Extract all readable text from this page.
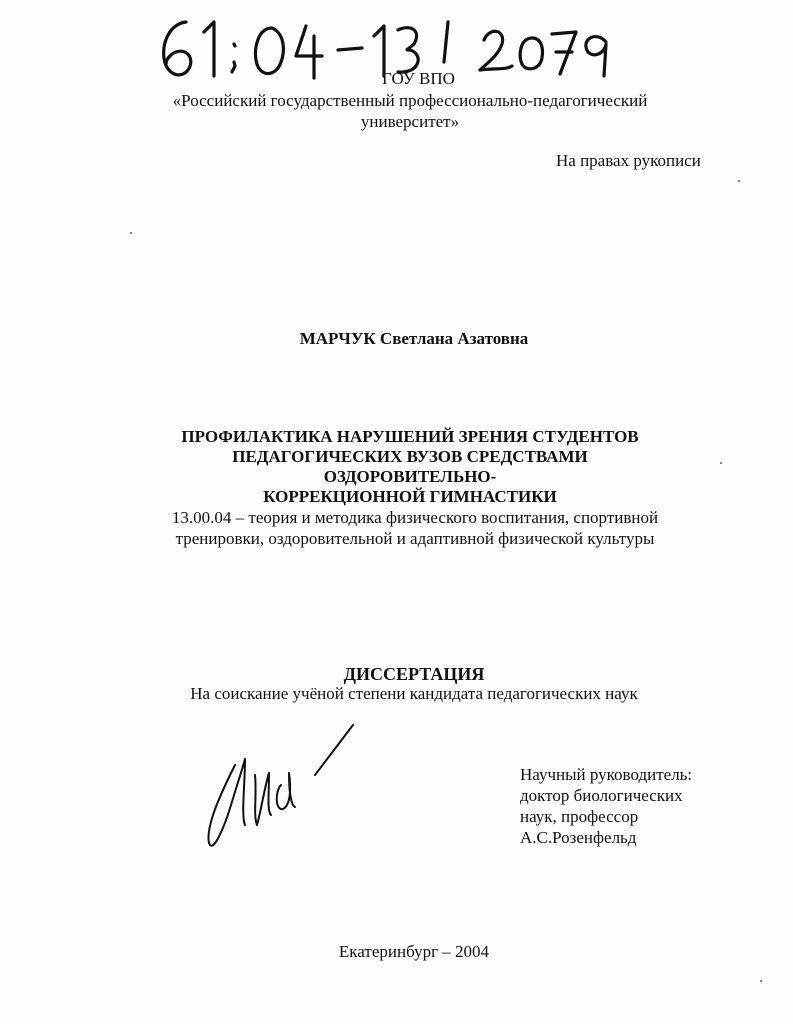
ГОУ ВПО
«Российский государственный профессионально-педагогический университет»
На правах рукописи
МАРЧУК Светлана Азатовна
ПРОФИЛАКТИКА НАРУШЕНИЙ ЗРЕНИЯ СТУДЕНТОВ
ПЕДАГОГИЧЕСКИХ ВУЗОВ СРЕДСТВАМИ ОЗДОРОВИТЕЛЬНО-
КОРРЕКЦИОННОЙ ГИМНАСТИКИ
13.00.04 – теория и методика физического воспитания, спортивной
тренировки, оздоровительной и адаптивной физической культуры
ДИССЕРТАЦИЯ
На соискание учёной степени кандидата педагогических наук
Научный руководитель:
доктор биологических
наук, профессор
А.С.Розенфельд
Екатеринбург – 2004
